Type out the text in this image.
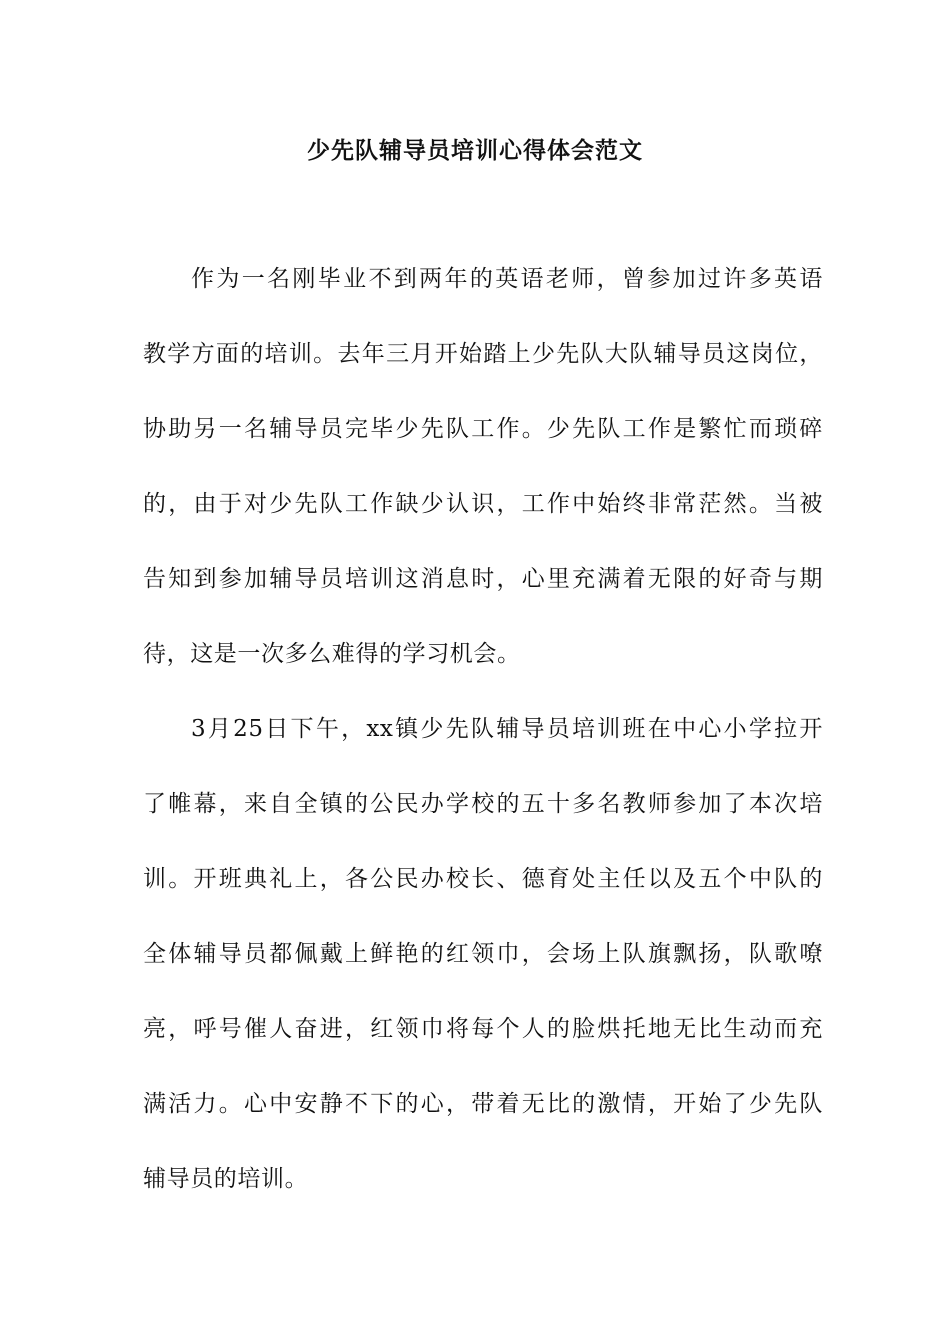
少先队辅导员培训心得体会范文
作为一名刚毕业不到两年的英语老师，曾参加过许多英语
教学方面的培训。去年三月开始踏上少先队大队辅导员这岗位，
协助另一名辅导员完毕少先队工作。少先队工作是繁忙而琐碎
的，由于对少先队工作缺少认识，工作中始终非常茫然。当被
告知到参加辅导员培训这消息时，心里充满着无限的好奇与期
待，这是一次多么难得的学习机会。
3月25日下午，xx镇少先队辅导员培训班在中心小学拉开
了帷幕，来自全镇的公民办学校的五十多名教师参加了本次培
训。开班典礼上，各公民办校长、德育处主任以及五个中队的
全体辅导员都佩戴上鲜艳的红领巾，会场上队旗飘扬，队歌嘹
亮，呼号催人奋进，红领巾将每个人的脸烘托地无比生动而充
满活力。心中安静不下的心，带着无比的激情，开始了少先队
辅导员的培训。
